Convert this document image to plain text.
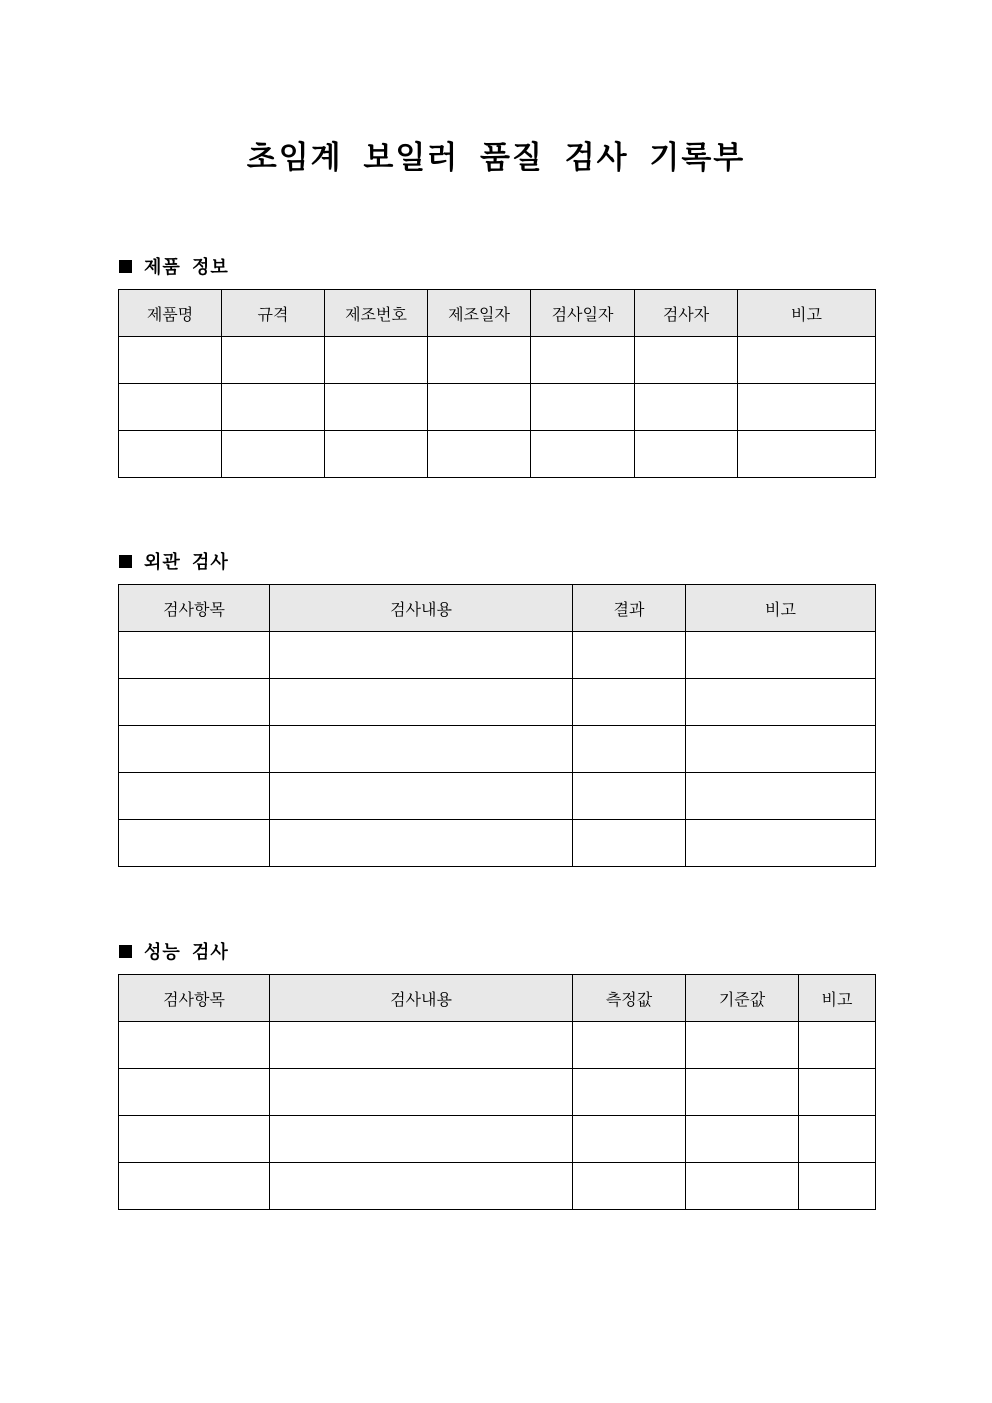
초임계 보일러 품질 검사 기록부
제품 정보
제품명	규격	제조번호	제조일자	검사일자	검사자	비고

외관 검사
검사항목	검사내용	결과	비고

성능 검사
검사항목	검사내용	측정값	기준값	비고
